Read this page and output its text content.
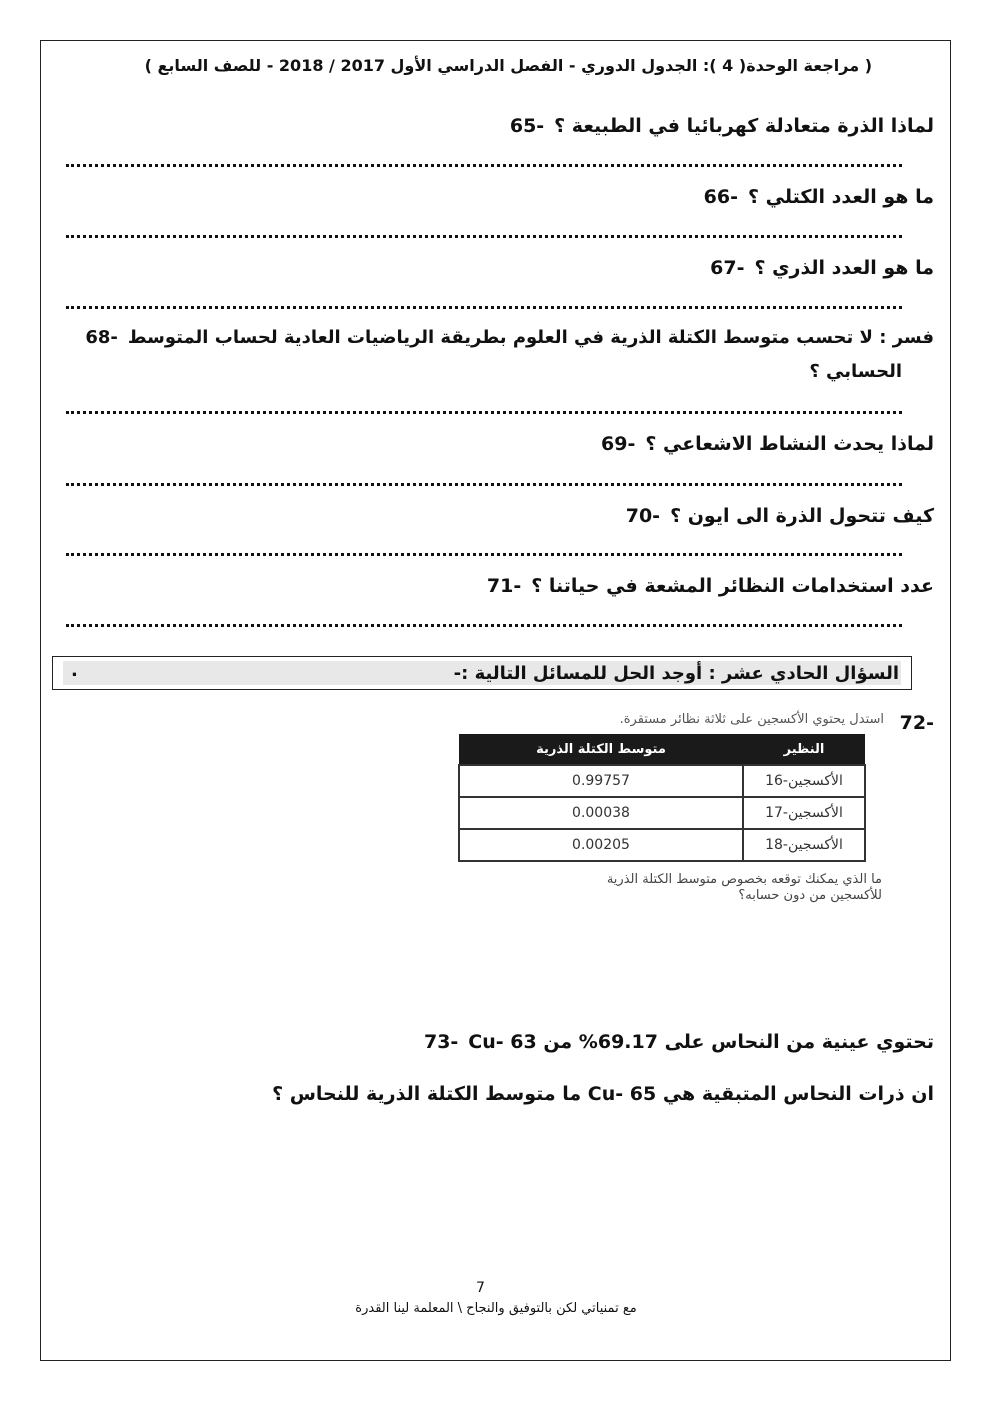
( مراجعة الوحدة( 4 ): الجدول الدوري - الفصل الدراسي الأول 2017 / 2018 - للصف السابع )
65- لماذا الذرة متعادلة كهربائيا في الطبيعة ؟
66- ما هو العدد الكتلي ؟
67- ما هو العدد الذري ؟
68- فسر : لا تحسب متوسط الكتلة الذرية في العلوم بطريقة الرياضيات العادية لحساب المتوسط
الحسابي ؟
69- لماذا يحدث النشاط الاشعاعي ؟
70- كيف تتحول الذرة الى ايون ؟
71- عدد استخدامات النظائر المشعة في حياتنا ؟
السؤال الحادي عشر : أوجد الحل للمسائل التالية :-
.
72-
استدل يحتوي الأكسجين على ثلاثة نظائر مستقرة.
النظير	متوسط الكتلة الذرية
الأكسجين-16	0.99757
الأكسجين-17	0.00038
الأكسجين-18	0.00205
ما الذي يمكنك توقعه بخصوص متوسط الكتلة الذرية
للأكسجين من دون حسابه؟
73- تحتوي عينية من النحاس على 69.17% من Cu- 63
ان ذرات النحاس المتبقية هي Cu- 65 ما متوسط الكتلة الذرية للنحاس ؟
7
مع تمنياتي لكن بالتوفيق والنجاح \ المعلمة لينا القدرة
